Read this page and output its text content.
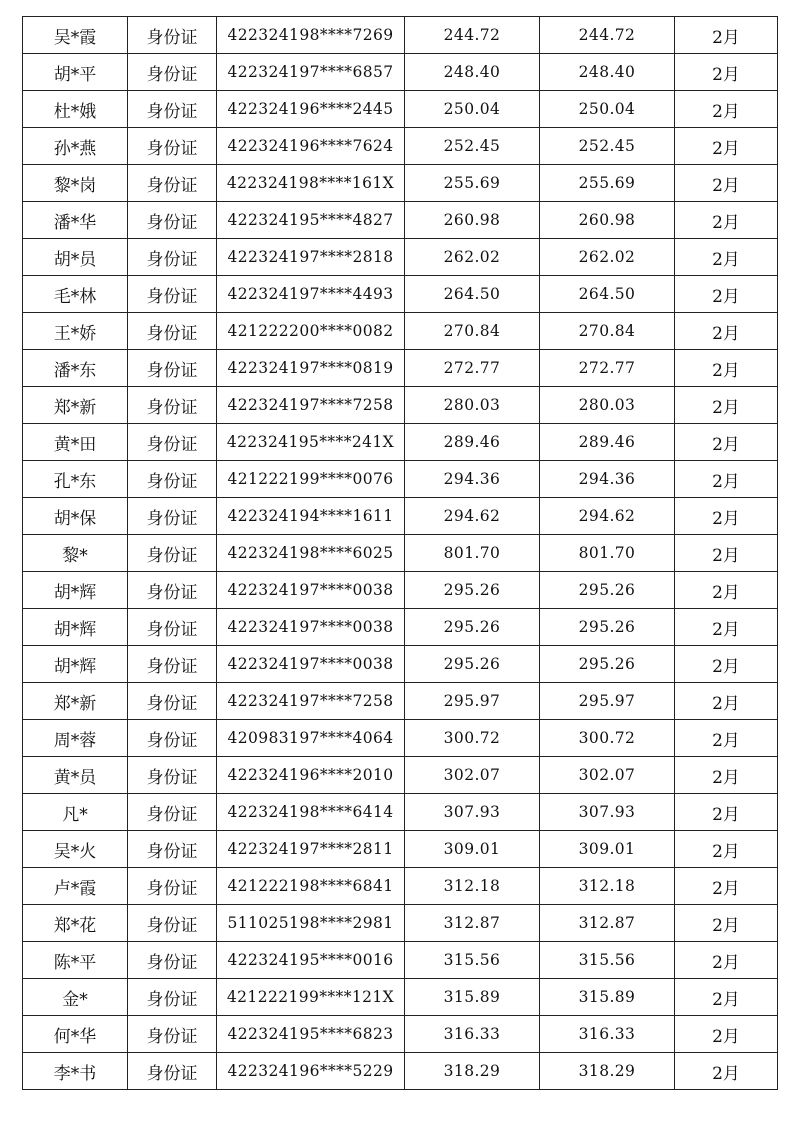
吴*霞	身份证	422324198****7269	244.72	244.72	2月
胡*平	身份证	422324197****6857	248.40	248.40	2月
杜*娥	身份证	422324196****2445	250.04	250.04	2月
孙*燕	身份证	422324196****7624	252.45	252.45	2月
黎*岗	身份证	422324198****161X	255.69	255.69	2月
潘*华	身份证	422324195****4827	260.98	260.98	2月
胡*员	身份证	422324197****2818	262.02	262.02	2月
毛*林	身份证	422324197****4493	264.50	264.50	2月
王*娇	身份证	421222200****0082	270.84	270.84	2月
潘*东	身份证	422324197****0819	272.77	272.77	2月
郑*新	身份证	422324197****7258	280.03	280.03	2月
黄*田	身份证	422324195****241X	289.46	289.46	2月
孔*东	身份证	421222199****0076	294.36	294.36	2月
胡*保	身份证	422324194****1611	294.62	294.62	2月
黎*	身份证	422324198****6025	801.70	801.70	2月
胡*辉	身份证	422324197****0038	295.26	295.26	2月
胡*辉	身份证	422324197****0038	295.26	295.26	2月
胡*辉	身份证	422324197****0038	295.26	295.26	2月
郑*新	身份证	422324197****7258	295.97	295.97	2月
周*蓉	身份证	420983197****4064	300.72	300.72	2月
黄*员	身份证	422324196****2010	302.07	302.07	2月
凡*	身份证	422324198****6414	307.93	307.93	2月
吴*火	身份证	422324197****2811	309.01	309.01	2月
卢*霞	身份证	421222198****6841	312.18	312.18	2月
郑*花	身份证	511025198****2981	312.87	312.87	2月
陈*平	身份证	422324195****0016	315.56	315.56	2月
金*	身份证	421222199****121X	315.89	315.89	2月
何*华	身份证	422324195****6823	316.33	316.33	2月
李*书	身份证	422324196****5229	318.29	318.29	2月
